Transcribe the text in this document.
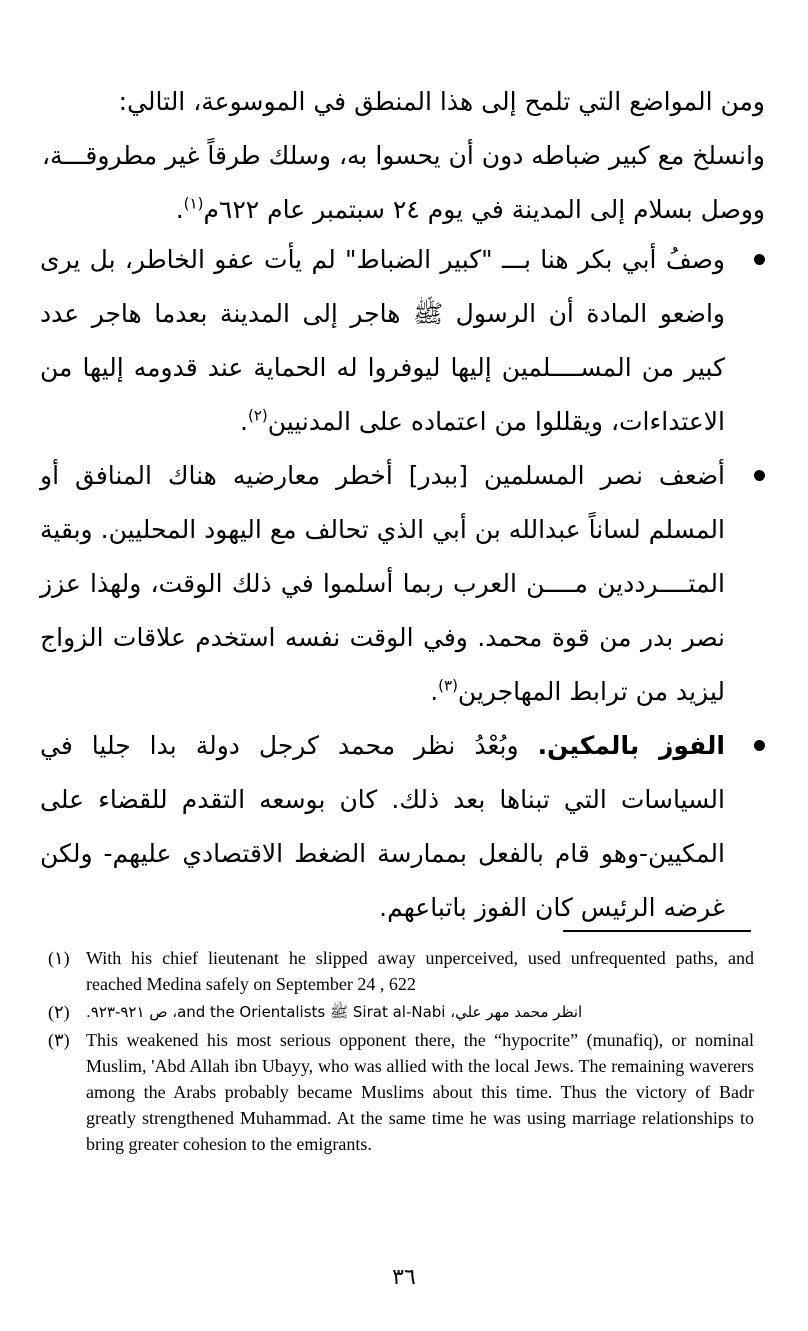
ومن المواضع التي تلمح إلى هذا المنطق في الموسوعة، التالي:

وانسلخ مع كبير ضباطه دون أن يحسوا به، وسلك طرقاً غير مطروقـــة،

ووصل بسلام إلى المدينة في يوم ٢٤ سبتمبر عام ٦٢٢م$^{(١)}$.

وصفُ أبي بكر هنا بـــ "كبير الضباط" لم يأت عفو الخاطر، بل يرى واضعو المادة أن الرسول ﷺ هاجر إلى المدينة بعدما هاجر عدد كبير من المســــلمين إليها ليوفروا له الحماية عند قدومه إليها من الاعتداءات، ويقللوا من اعتماده على المدنيين$^{(٢)}$.

أضعف نصر المسلمين [ببدر] أخطر معارضيه هناك المنافق أو المسلم لساناً عبدالله بن أبي الذي تحالف مع اليهود المحليين. وبقية المتــــرددين مــــن العرب ربما أسلموا في ذلك الوقت، ولهذا عزز نصر بدر من قوة محمد. وفي الوقت نفسه استخدم علاقات الزواج ليزيد من ترابط المهاجرين$^{(٣)}$.

الفوز بالمكين. وبُعْدُ نظر محمد كرجل دولة بدا جليا في السياسات التي تبناها بعد ذلك. كان بوسعه التقدم للقضاء على المكيين-وهو قام بالفعل بممارسة الضغط الاقتصادي عليهم- ولكن غرضه الرئيس كان الفوز باتباعهم.

(١) With his chief lieutenant he slipped away unperceived, used unfrequented paths, and reached Medina safely on September 24 , 622
(٢) انظر محمد مهر علي، Sirat al-Nabi ﷺ and the Orientalists، ص ٩٢١-٩٢٣.
(٣) This weakened his most serious opponent there, the “hypocrite” (munafiq), or nominal Muslim, 'Abd Allah ibn Ubayy, who was allied with the local Jews. The remaining waverers among the Arabs probably became Muslims about this time. Thus the victory of Badr greatly strengthened Muhammad. At the same time he was using marriage relationships to bring greater cohesion to the emigrants.
٣٦
